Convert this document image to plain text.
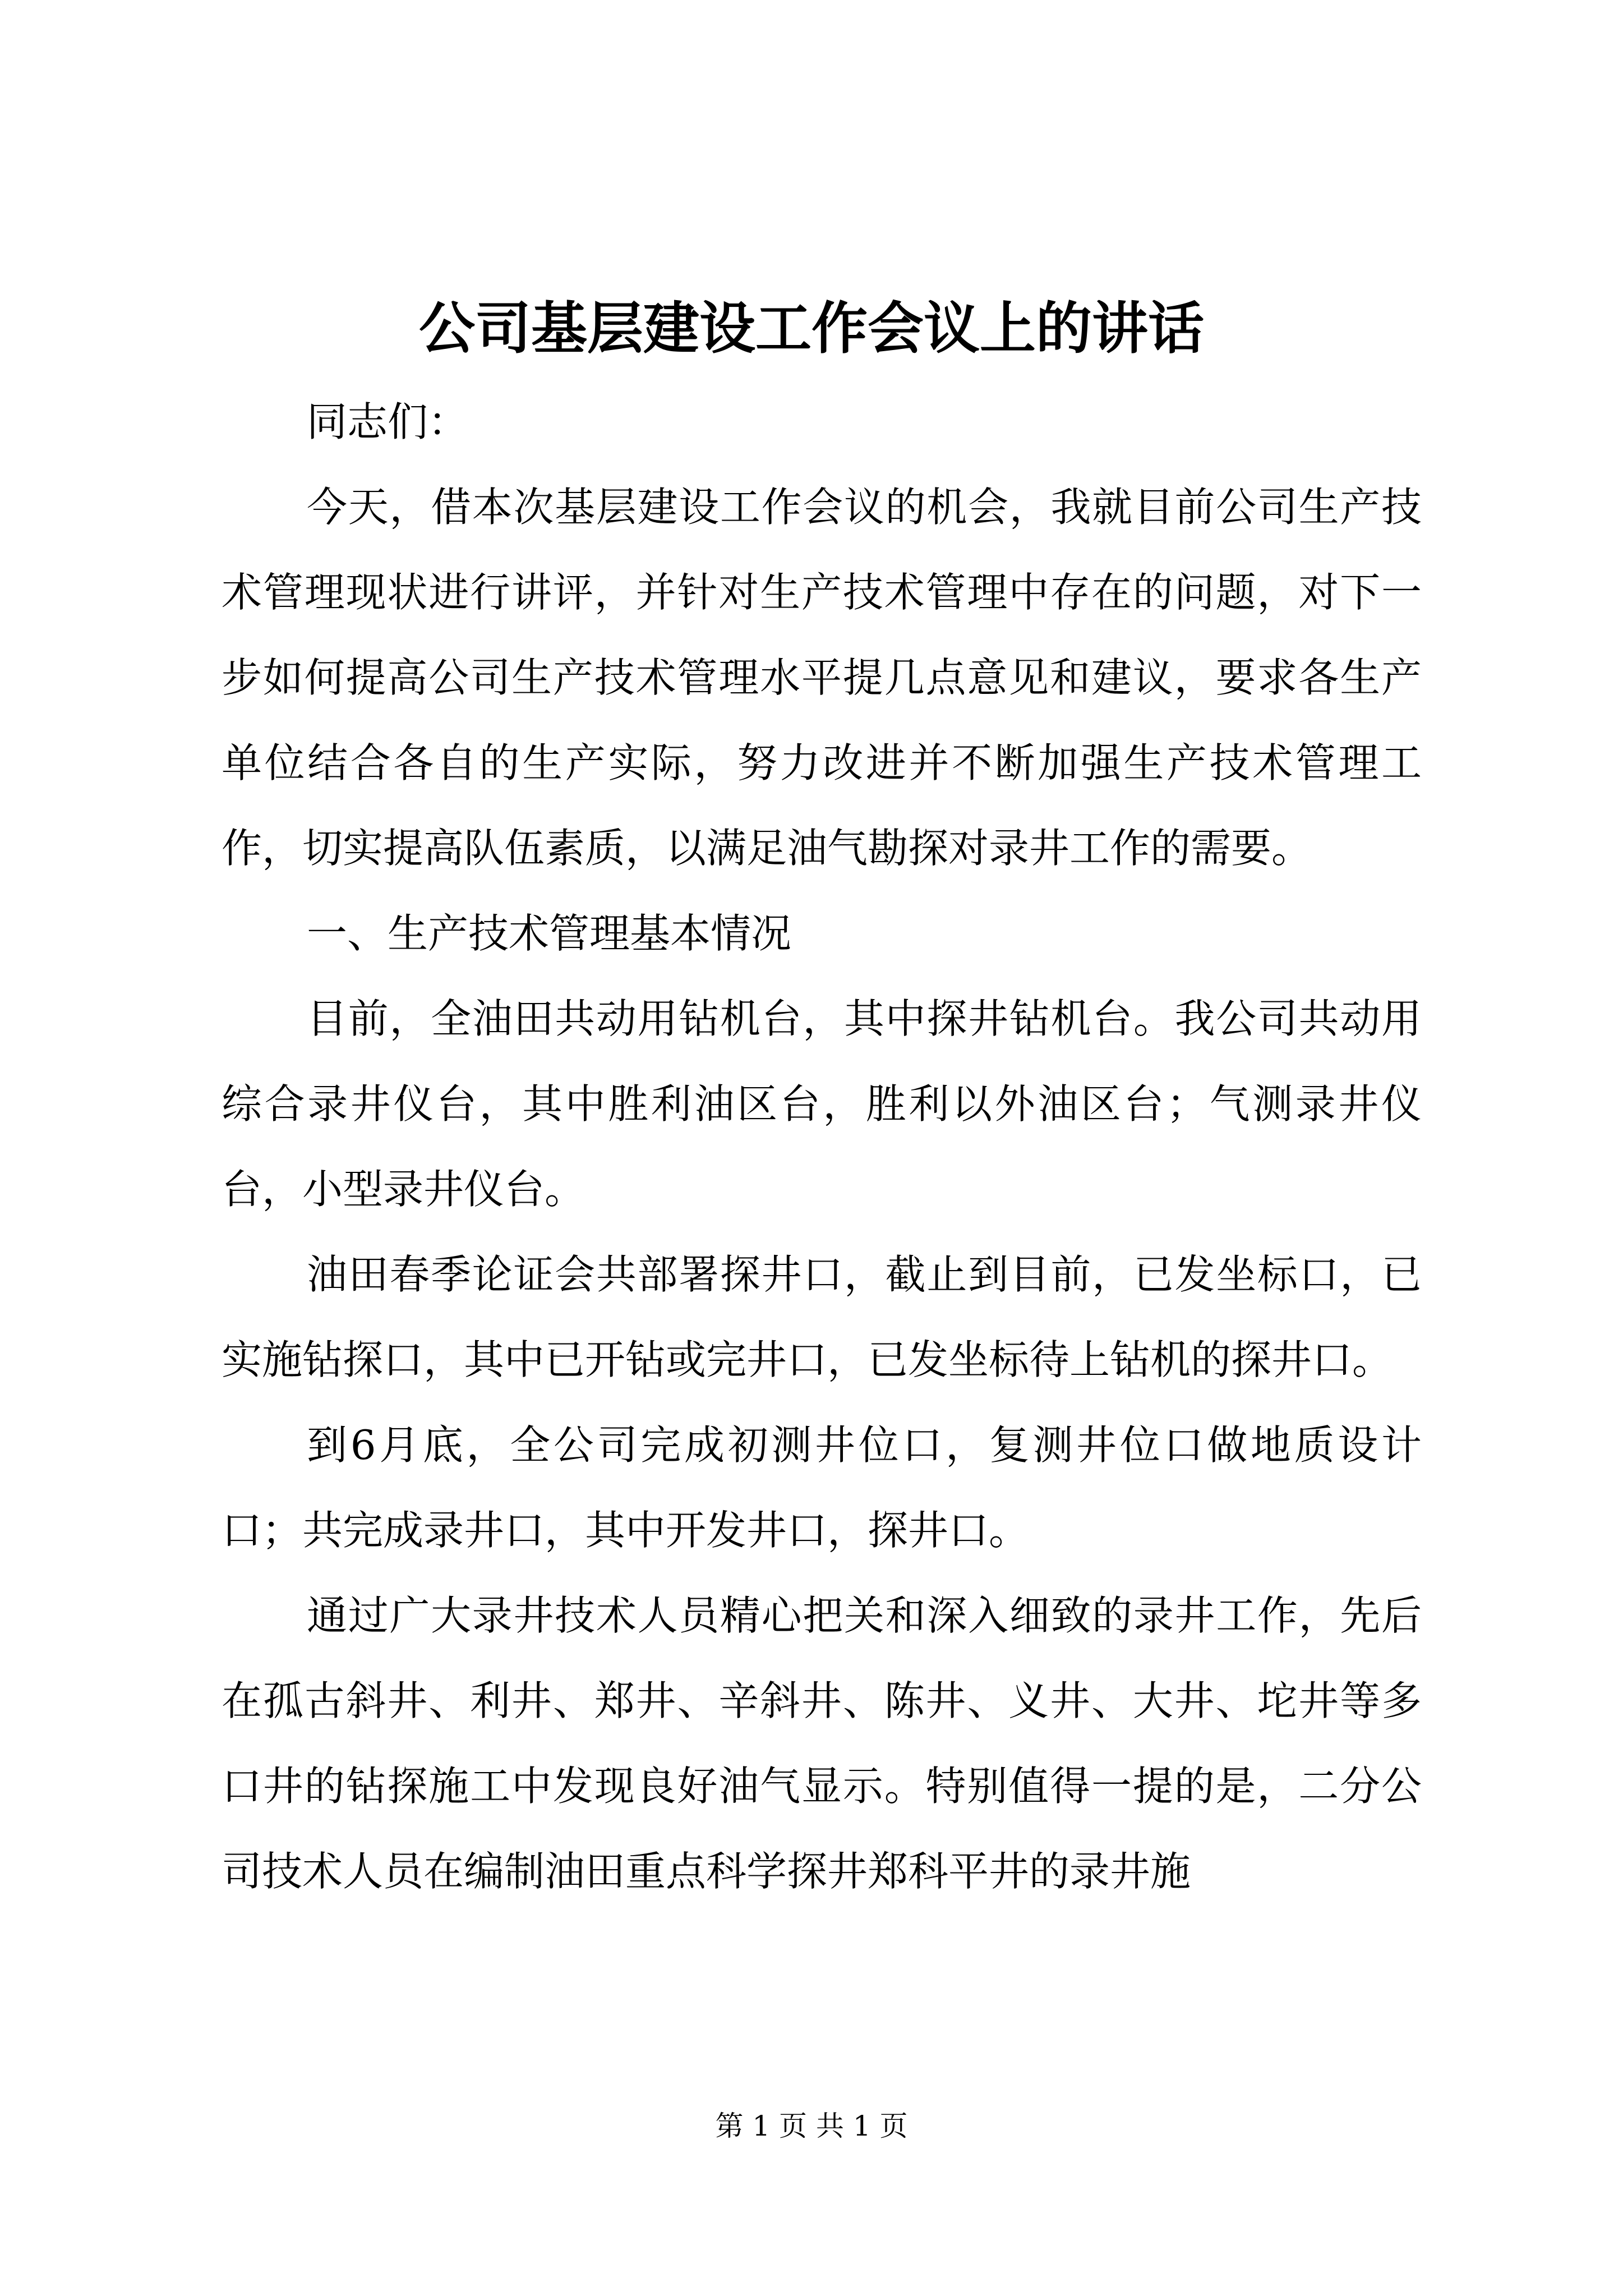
公司基层建设工作会议上的讲话

同志们：

今天，借本次基层建设工作会议的机会，我就目前公司生产技术管理现状进行讲评，并针对生产技术管理中存在的问题，对下一步如何提高公司生产技术管理水平提几点意见和建议，要求各生产单位结合各自的生产实际，努力改进并不断加强生产技术管理工作，切实提高队伍素质，以满足油气勘探对录井工作的需要。

一、生产技术管理基本情况

目前，全油田共动用钻机台，其中探井钻机台。我公司共动用综合录井仪台，其中胜利油区台，胜利以外油区台；气测录井仪台，小型录井仪台。

油田春季论证会共部署探井口，截止到目前，已发坐标口，已实施钻探口，其中已开钻或完井口，已发坐标待上钻机的探井口。

到6月底，全公司完成初测井位口，复测井位口做地质设计口；共完成录井口，其中开发井口，探井口。

通过广大录井技术人员精心把关和深入细致的录井工作，先后在孤古斜井、利井、郑井、辛斜井、陈井、义井、大井、坨井等多口井的钻探施工中发现良好油气显示。特别值得一提的是，二分公司技术人员在编制油田重点科学探井郑科平井的录井施

第 1 页 共 1 页
